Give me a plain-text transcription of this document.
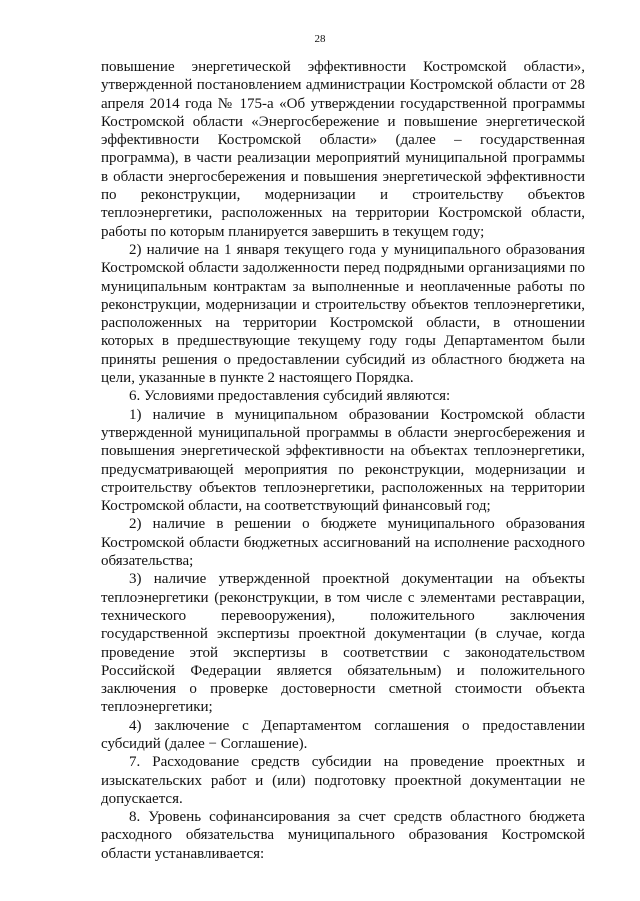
28

повышение энергетической эффективности Костромской области», утвержденной постановлением администрации Костромской области от 28 апреля 2014 года № 175-а «Об утверждении государственной программы Костромской области «Энергосбережение и повышение энергетической эффективности Костромской области» (далее – государственная программа), в части реализации мероприятий муниципальной программы в области энергосбережения и повышения энергетической эффективности по реконструкции, модернизации и строительству объектов теплоэнергетики, расположенных на территории Костромской области, работы по которым планируется завершить в текущем году;

2) наличие на 1 января текущего года у муниципального образования Костромской области задолженности перед подрядными организациями по муниципальным контрактам за выполненные и неоплаченные работы по реконструкции, модернизации и строительству объектов теплоэнергетики, расположенных на территории Костромской области, в отношении которых в предшествующие текущему году годы Департаментом были приняты решения о предоставлении субсидий из областного бюджета на цели, указанные в пункте 2 настоящего Порядка.

6. Условиями предоставления субсидий являются:

1) наличие в муниципальном образовании Костромской области утвержденной муниципальной программы в области энергосбережения и повышения энергетической эффективности на объектах теплоэнергетики, предусматривающей мероприятия по реконструкции, модернизации и строительству объектов теплоэнергетики, расположенных на территории Костромской области, на соответствующий финансовый год;

2) наличие в решении о бюджете муниципального образования Костромской области бюджетных ассигнований на исполнение расходного обязательства;

3) наличие утвержденной проектной документации на объекты теплоэнергетики (реконструкции, в том числе с элементами реставрации, технического перевооружения), положительного заключения государственной экспертизы проектной документации (в случае, когда проведение этой экспертизы в соответствии с законодательством Российской Федерации является обязательным) и положительного заключения о проверке достоверности сметной стоимости объекта теплоэнергетики;

4) заключение с Департаментом соглашения о предоставлении субсидий (далее − Соглашение).

7. Расходование средств субсидии на проведение проектных и изыскательских работ и (или) подготовку проектной документации не допускается.

8. Уровень софинансирования за счет средств областного бюджета расходного обязательства муниципального образования Костромской области устанавливается:
